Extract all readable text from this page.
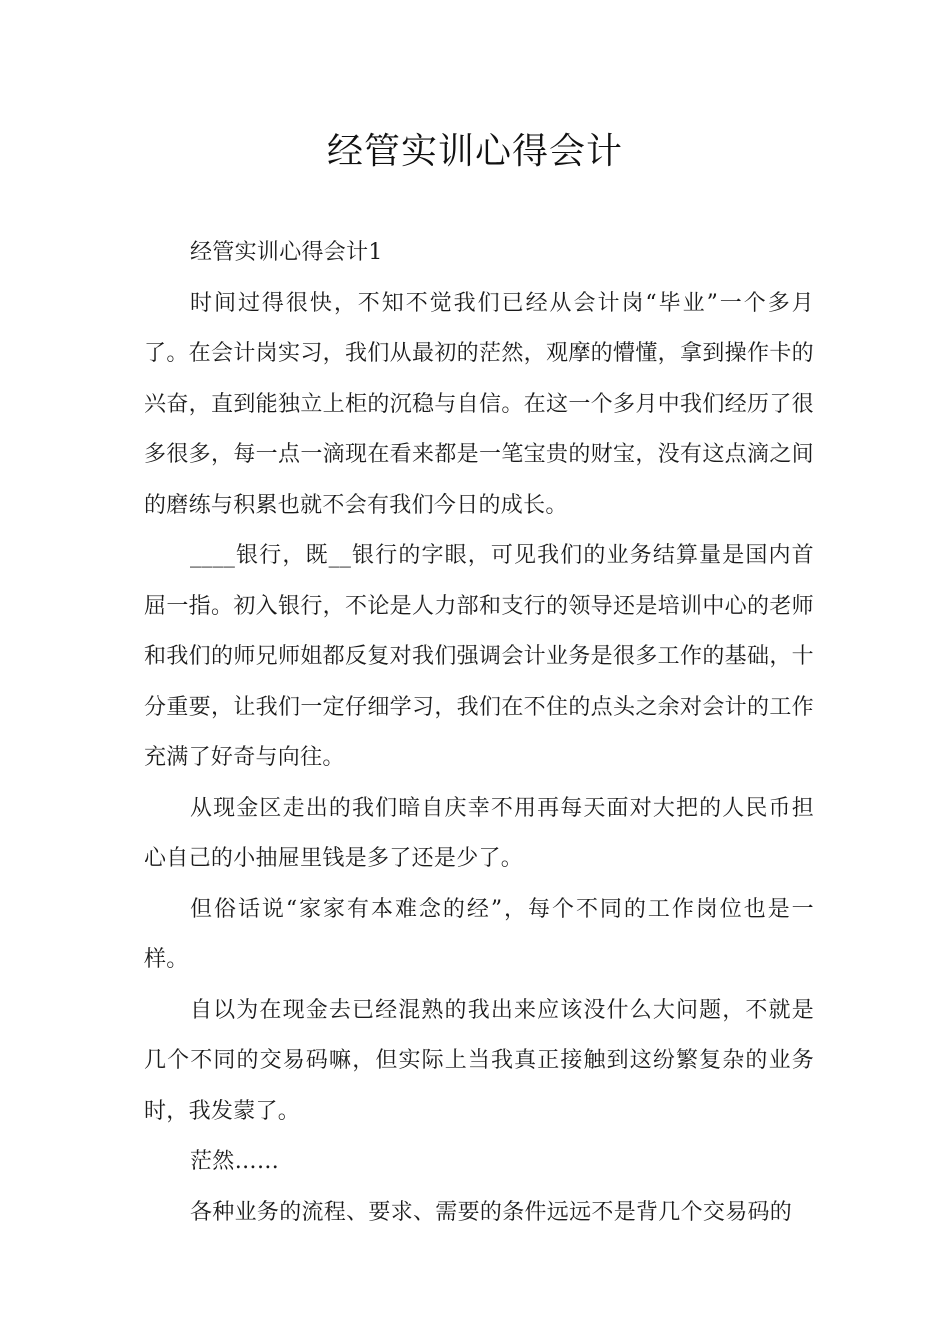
经管实训心得会计

经管实训心得会计1

时间过得很快，不知不觉我们已经从会计岗“毕业”一个多月了。在会计岗实习，我们从最初的茫然，观摩的懵懂，拿到操作卡的兴奋，直到能独立上柜的沉稳与自信。在这一个多月中我们经历了很多很多，每一点一滴现在看来都是一笔宝贵的财宝，没有这点滴之间的磨练与积累也就不会有我们今日的成长。

____银行，既__银行的字眼，可见我们的业务结算量是国内首屈一指。初入银行，不论是人力部和支行的领导还是培训中心的老师和我们的师兄师姐都反复对我们强调会计业务是很多工作的基础，十分重要，让我们一定仔细学习，我们在不住的点头之余对会计的工作充满了好奇与向往。

从现金区走出的我们暗自庆幸不用再每天面对大把的人民币担心自己的小抽屉里钱是多了还是少了。

但俗话说“家家有本难念的经”，每个不同的工作岗位也是一样。

自以为在现金去已经混熟的我出来应该没什么大问题，不就是几个不同的交易码嘛，但实际上当我真正接触到这纷繁复杂的业务时，我发蒙了。

茫然……

各种业务的流程、要求、需要的条件远远不是背几个交易码的
